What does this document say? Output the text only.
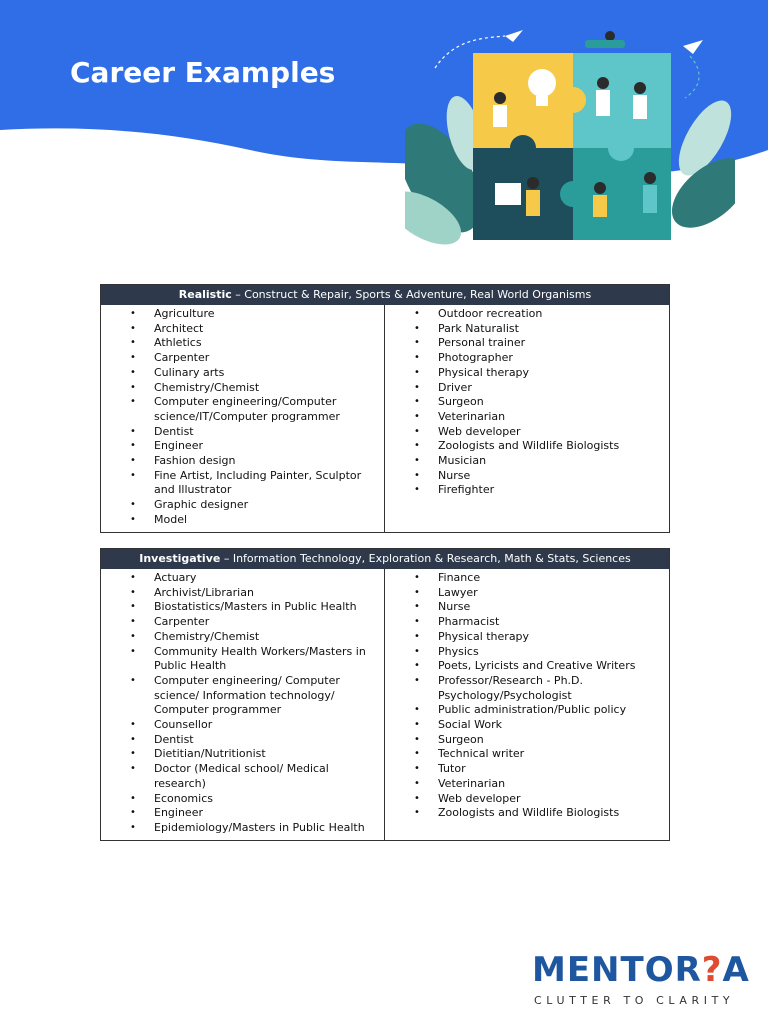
Career Examples
Realistic – Construct & Repair, Sports & Adventure, Real World Organisms
• Agriculture
• Architect
• Athletics
• Carpenter
• Culinary arts
• Chemistry/Chemist
• Computer engineering/Computer science/IT/Computer programmer
• Dentist
• Engineer
• Fashion design
• Fine Artist, Including Painter, Sculptor and Illustrator
• Graphic designer
• Model
• Outdoor recreation
• Park Naturalist
• Personal trainer
• Photographer
• Physical therapy
• Driver
• Surgeon
• Veterinarian
• Web developer
• Zoologists and Wildlife Biologists
• Musician
• Nurse
• Firefighter
Investigative – Information Technology, Exploration & Research, Math & Stats, Sciences
• Actuary
• Archivist/Librarian
• Biostatistics/Masters in Public Health
• Carpenter
• Chemistry/Chemist
• Community Health Workers/Masters in Public Health
• Computer engineering/ Computer science/ Information technology/ Computer programmer
• Counsellor
• Dentist
• Dietitian/Nutritionist
• Doctor (Medical school/ Medical research)
• Economics
• Engineer
• Epidemiology/Masters in Public Health
• Finance
• Lawyer
• Nurse
• Pharmacist
• Physical therapy
• Physics
• Poets, Lyricists and Creative Writers
• Professor/Research - Ph.D. Psychology/Psychologist
• Public administration/Public policy
• Social Work
• Surgeon
• Technical writer
• Tutor
• Veterinarian
• Web developer
• Zoologists and Wildlife Biologists
MENTOR?A
CLUTTER TO CLARITY
